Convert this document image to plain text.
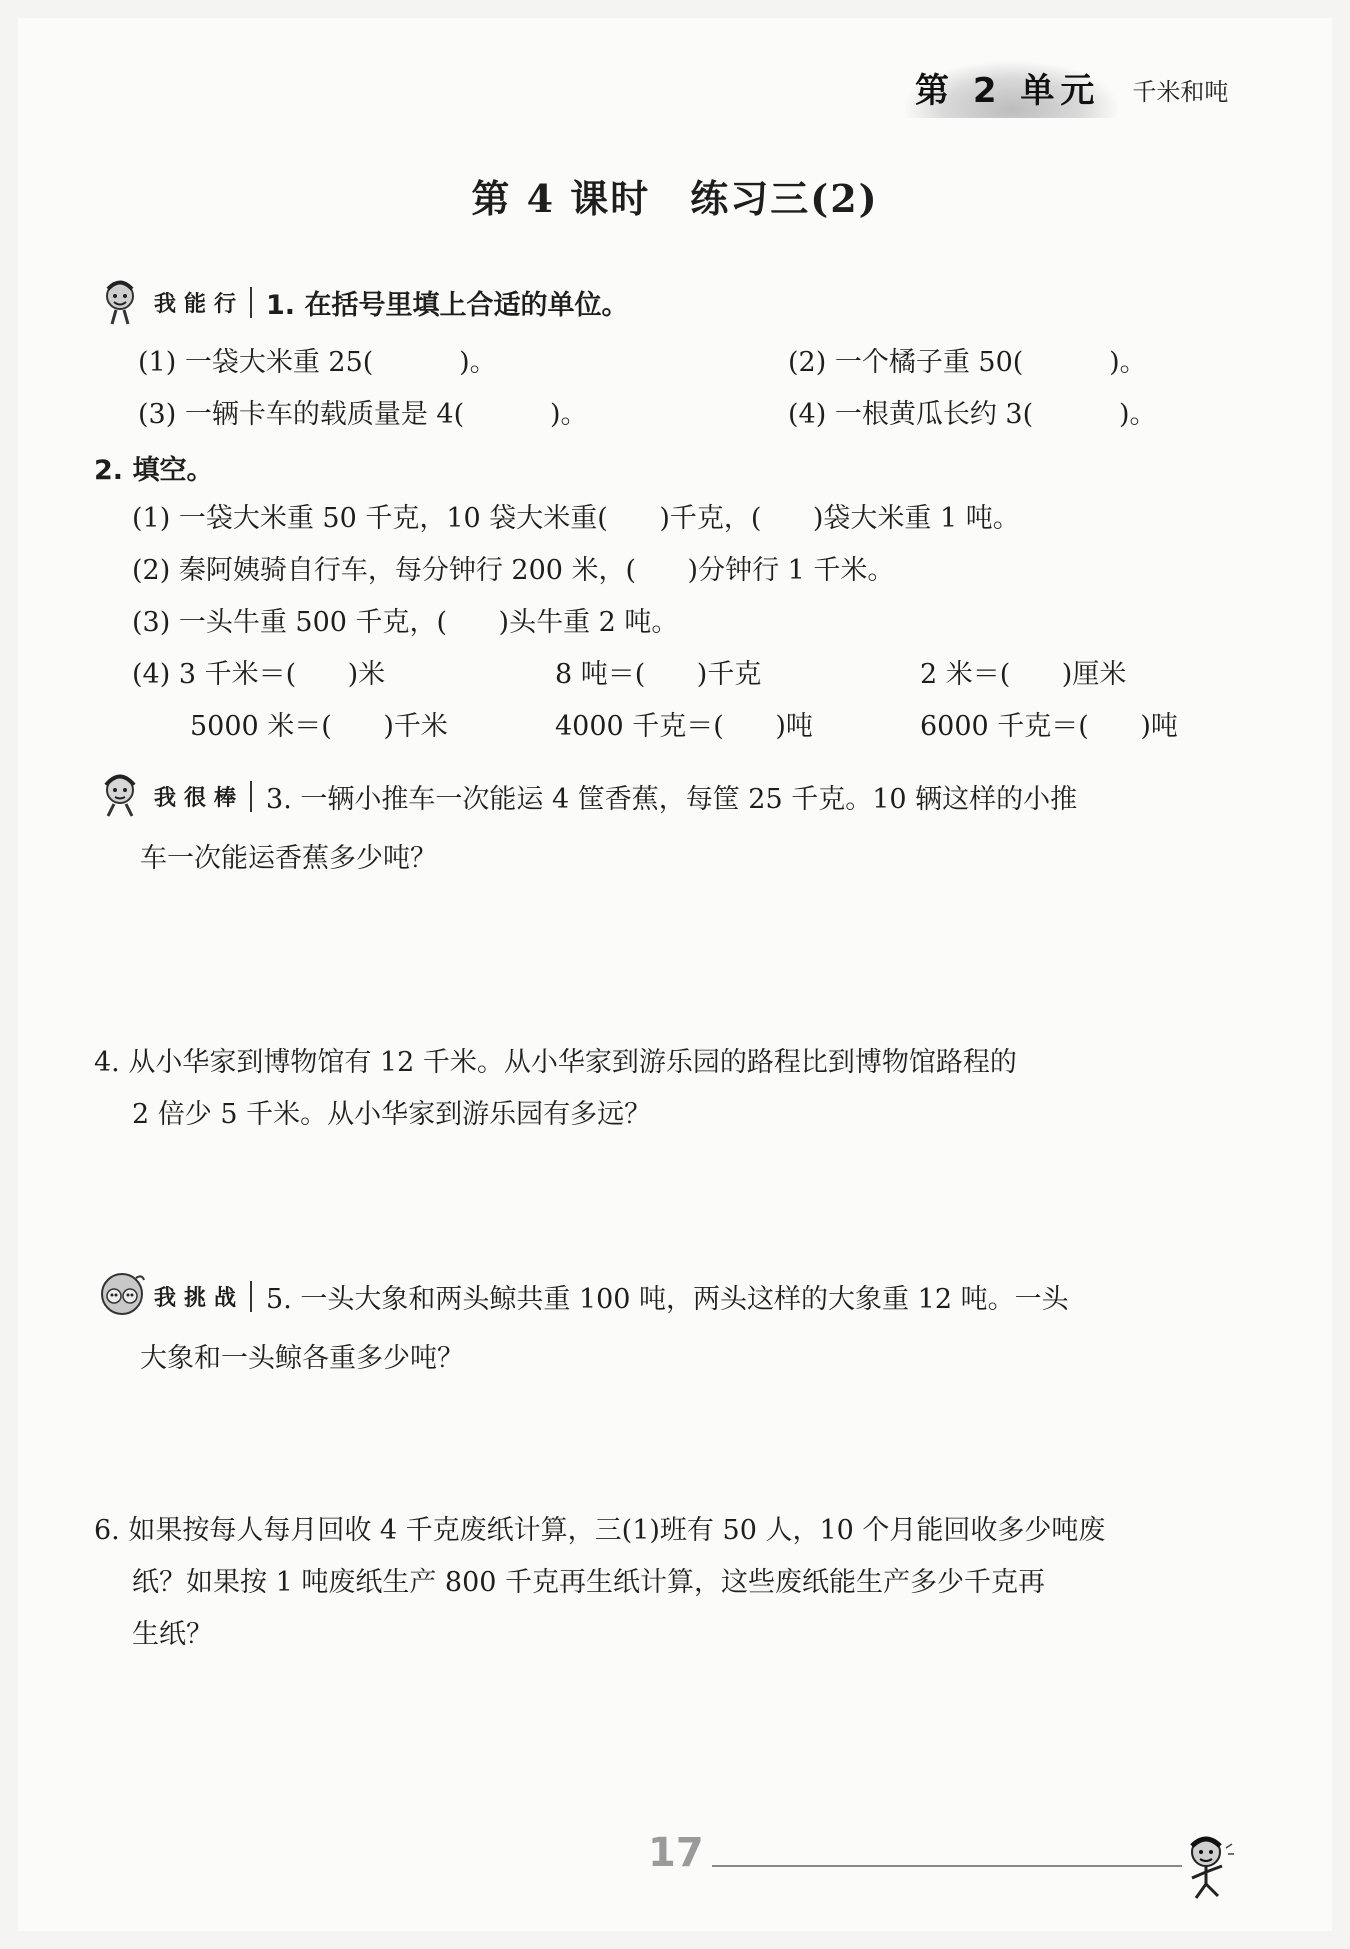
第 2 单元	千米和吨
第 4 课时 练习三(2)
我能行 1. 在括号里填上合适的单位。
(1) 一袋大米重 25(          )。	(2) 一个橘子重 50(          )。
(3) 一辆卡车的载质量是 4(          )。	(4) 一根黄瓜长约 3(          )。
2. 填空。
(1) 一袋大米重 50 千克，10 袋大米重(      )千克，(      )袋大米重 1 吨。
(2) 秦阿姨骑自行车，每分钟行 200 米，(      )分钟行 1 千米。
(3) 一头牛重 500 千克，(      )头牛重 2 吨。
(4) 3 千米＝(      )米	8 吨＝(      )千克	2 米＝(      )厘米
5000 米＝(      )千米	4000 千克＝(      )吨	6000 千克＝(      )吨
我很棒 3. 一辆小推车一次能运 4 筐香蕉，每筐 25 千克。10 辆这样的小推
车一次能运香蕉多少吨？
4. 从小华家到博物馆有 12 千米。从小华家到游乐园的路程比到博物馆路程的
2 倍少 5 千米。从小华家到游乐园有多远？
我挑战 5. 一头大象和两头鲸共重 100 吨，两头这样的大象重 12 吨。一头
大象和一头鲸各重多少吨？
6. 如果按每人每月回收 4 千克废纸计算，三(1)班有 50 人，10 个月能回收多少吨废
纸？如果按 1 吨废纸生产 800 千克再生纸计算，这些废纸能生产多少千克再
生纸？
17
